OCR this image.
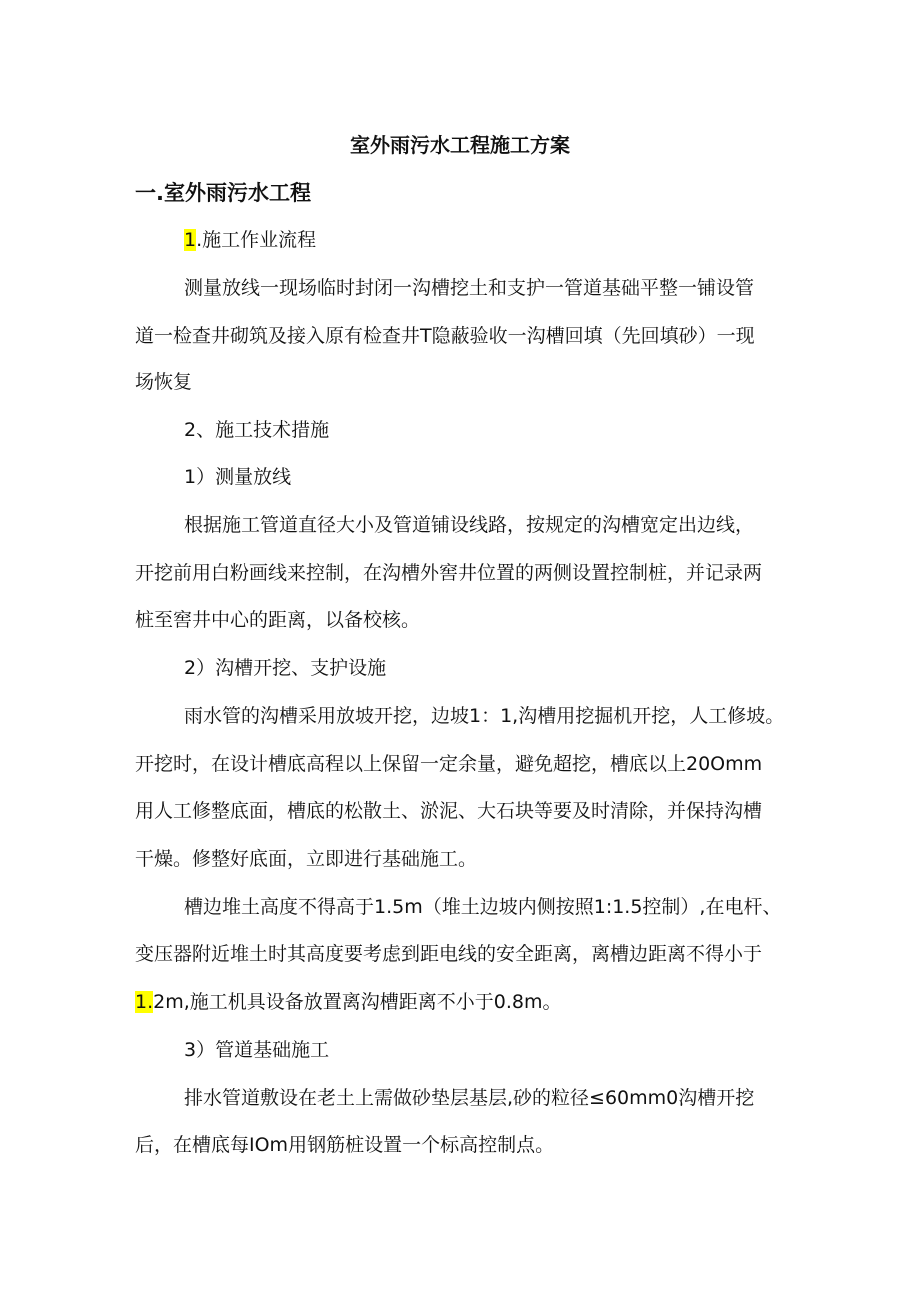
室外雨污水工程施工方案
一.室外雨污水工程
1.施工作业流程
测量放线一现场临时封闭一沟槽挖土和支护一管道基础平整一铺设管
道一检查井砌筑及接入原有检查井T隐蔽验收一沟槽回填（先回填砂）一现
场恢复
2、施工技术措施
1）测量放线
根据施工管道直径大小及管道铺设线路，按规定的沟槽宽定出边线，
开挖前用白粉画线来控制，在沟槽外窖井位置的两侧设置控制桩，并记录两
桩至窖井中心的距离，以备校核。
2）沟槽开挖、支护设施
雨水管的沟槽采用放坡开挖，边坡1：1,沟槽用挖掘机开挖，人工修坡。
开挖时，在设计槽底高程以上保留一定余量，避免超挖，槽底以上20Omm
用人工修整底面，槽底的松散土、淤泥、大石块等要及时清除，并保持沟槽
干燥。修整好底面，立即进行基础施工。
槽边堆土高度不得高于1.5m（堆土边坡内侧按照1:1.5控制）,在电杆、
变压器附近堆土时其高度要考虑到距电线的安全距离，离槽边距离不得小于
1.2m,施工机具设备放置离沟槽距离不小于0.8m。
3）管道基础施工
排水管道敷设在老土上需做砂垫层基层,砂的粒径≤60mm0沟槽开挖
后，在槽底每IOm用钢筋桩设置一个标高控制点。
